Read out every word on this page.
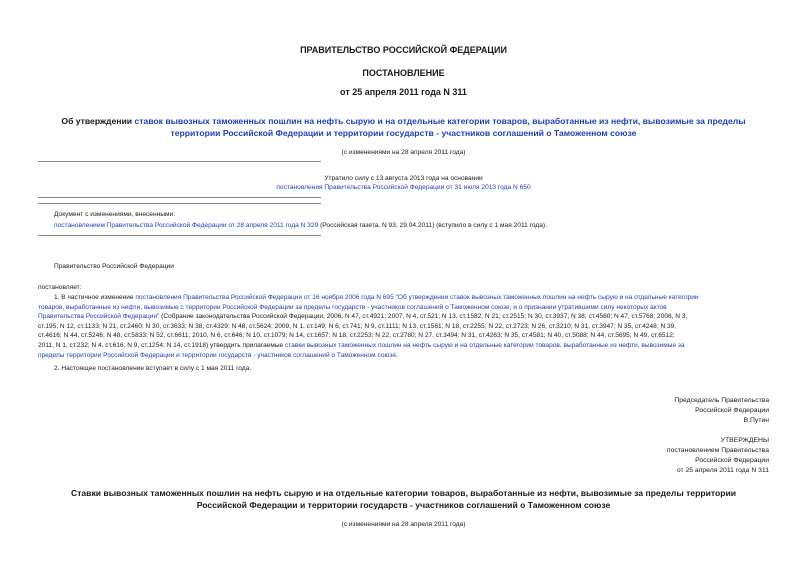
ПРАВИТЕЛЬСТВО РОССИЙСКОЙ ФЕДЕРАЦИИ
ПОСТАНОВЛЕНИЕ
от 25 апреля 2011 года N 311
Об утверждении ставок вывозных таможенных пошлин на нефть сырую и на отдельные категории товаров, выработанные из нефти, вывозимые за пределы
территории Российской Федерации и территории государств - участников соглашений о Таможенном союзе
(с изменениями на 28 апреля 2011 года)
Утратило силу с 13 августа 2013 года на основании
постановления Правительства Российской Федерации от 31 июля 2013 года N 650
Документ с изменениями, внесенными:
постановлением Правительства Российской Федерации от 28 апреля 2011 года N 329 (Российская газета, N 93, 29.04.2011) (вступило в силу с 1 мая 2011 года).
Правительство Российской Федерации
постановляет:
1. В частичное изменение постановления Правительства Российской Федерации от 16 ноября 2006 года N 695 "Об утверждении ставок вывозных таможенных пошлин на нефть сырую и на отдельные категории
товаров, выработанные из нефти, вывозимые с территории Российской Федерации за пределы государств - участников соглашений о Таможенном союзе, и о признании утратившими силу некоторых актов
Правительства Российской Федерации" (Собрание законодательства Российской Федерации, 2006, N 47, ст.4921; 2007, N 4, ст.521; N 13, ст.1582; N 21, ст.2515; N 30, ст.3937; N 38, ст.4560; N 47, ст.5768; 2008, N 3,
ст.195; N 12, ст.1133; N 21, ст.2460; N 30, ст.3633; N 38, ст.4329; N 48, ст.5624; 2009, N 1, ст.149; N 6, ст.741; N 9, ст.1111; N 13, ст.1561; N 18, ст.2255; N 22, ст.2723; N 26, ст.3210; N 31, ст.3947; N 35, ст.4248; N 39,
ст.4616; N 44, ст.5246; N 48, ст.5833; N 52, ст.6611; 2010, N 6, ст.646; N 10, ст.1079; N 14, ст.1657; N 18, ст.2253; N 22, ст.2780; N 27, ст.3494; N 31, ст.4263; N 35, ст.4581; N 40, ст.5088; N 44, ст.5695; N 49, ст.6512;
2011, N 1, ст.232; N 4, ст.616; N 9, ст.1254; N 14, ст.1918) утвердить прилагаемые ставки вывозных таможенных пошлин на нефть сырую и на отдельные категории товаров, выработанные из нефти, вывозимые за
пределы территории Российской Федерации и территории государств - участников соглашений о Таможенном союзе.
2. Настоящее постановление вступает в силу с 1 мая 2011 года.
Председатель Правительства
Российской Федерации
В.Путин
УТВЕРЖДЕНЫ
постановлением Правительства
Российской Федерации
от 25 апреля 2011 года N 311
Ставки вывозных таможенных пошлин на нефть сырую и на отдельные категории товаров, выработанные из нефти, вывозимые за пределы территории
Российской Федерации и территории государств - участников соглашений о Таможенном союзе
(с изменениями на 28 апреля 2011 года)
